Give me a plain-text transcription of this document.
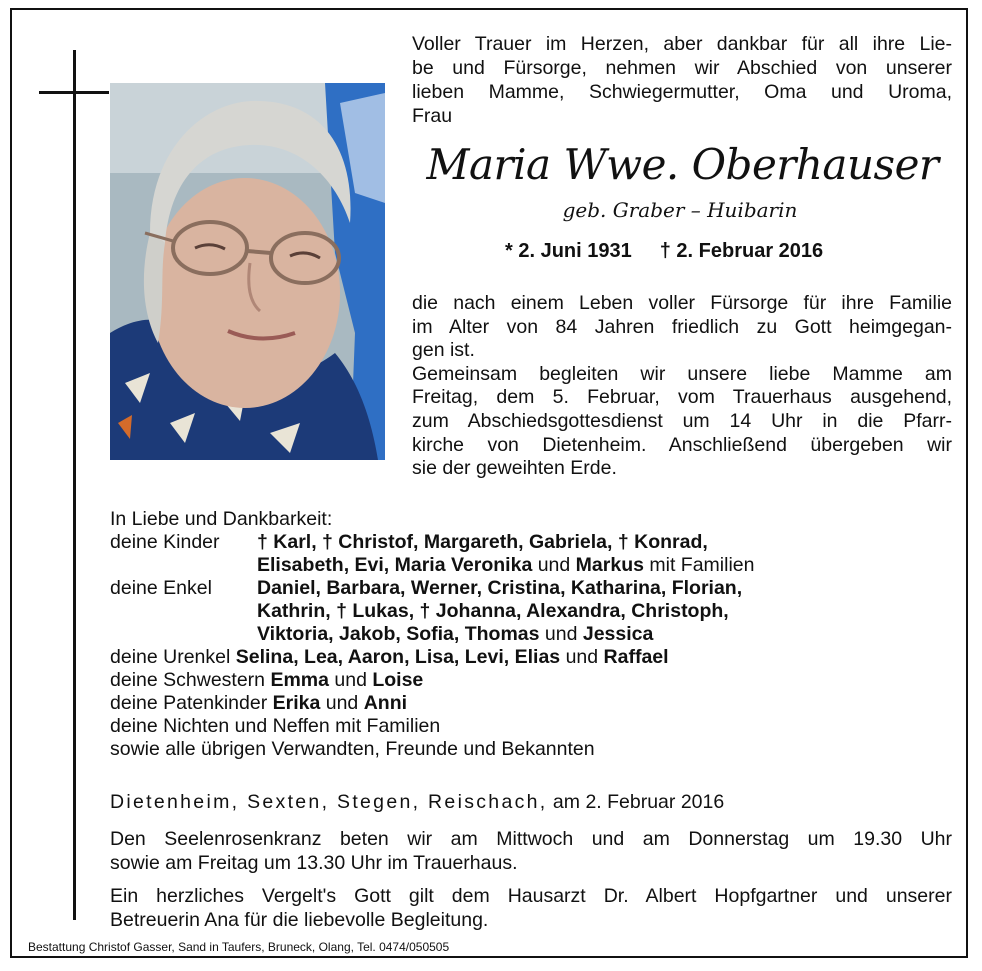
Voller Trauer im Herzen, aber dankbar für all ihre Lie-
be und Fürsorge, nehmen wir Abschied von unserer
lieben Mamme, Schwiegermutter, Oma und Uroma,
Frau
Maria Wwe. Oberhauser
geb. Graber – Huibarin
* 2. Juni 1931 † 2. Februar 2016
die nach einem Leben voller Fürsorge für ihre Familie
im Alter von 84 Jahren friedlich zu Gott heimgegan-
gen ist.
Gemeinsam begleiten wir unsere liebe Mamme am
Freitag, dem 5. Februar, vom Trauerhaus ausgehend,
zum Abschiedsgottesdienst um 14 Uhr in die Pfarr-
kirche von Dietenheim. Anschließend übergeben wir
sie der geweihten Erde.
In Liebe und Dankbarkeit:
deine Kinder	† Karl, † Christof, Margareth, Gabriela, † Konrad,
Elisabeth, Evi, Maria Veronika und Markus mit Familien
deine Enkel	Daniel, Barbara, Werner, Cristina, Katharina, Florian,
Kathrin, † Lukas, † Johanna, Alexandra, Christoph,
Viktoria, Jakob, Sofia, Thomas und Jessica
deine Urenkel Selina, Lea, Aaron, Lisa, Levi, Elias und Raffael
deine Schwestern Emma und Loise
deine Patenkinder Erika und Anni
deine Nichten und Neffen mit Familien
sowie alle übrigen Verwandten, Freunde und Bekannten
Dietenheim, Sexten, Stegen, Reischach, am 2. Februar 2016
Den Seelenrosenkranz beten wir am Mittwoch und am Donnerstag um 19.30 Uhr
sowie am Freitag um 13.30 Uhr im Trauerhaus.
Ein herzliches Vergelt's Gott gilt dem Hausarzt Dr. Albert Hopfgartner und unserer
Betreuerin Ana für die liebevolle Begleitung.
Bestattung Christof Gasser, Sand in Taufers, Bruneck, Olang, Tel. 0474/050505
